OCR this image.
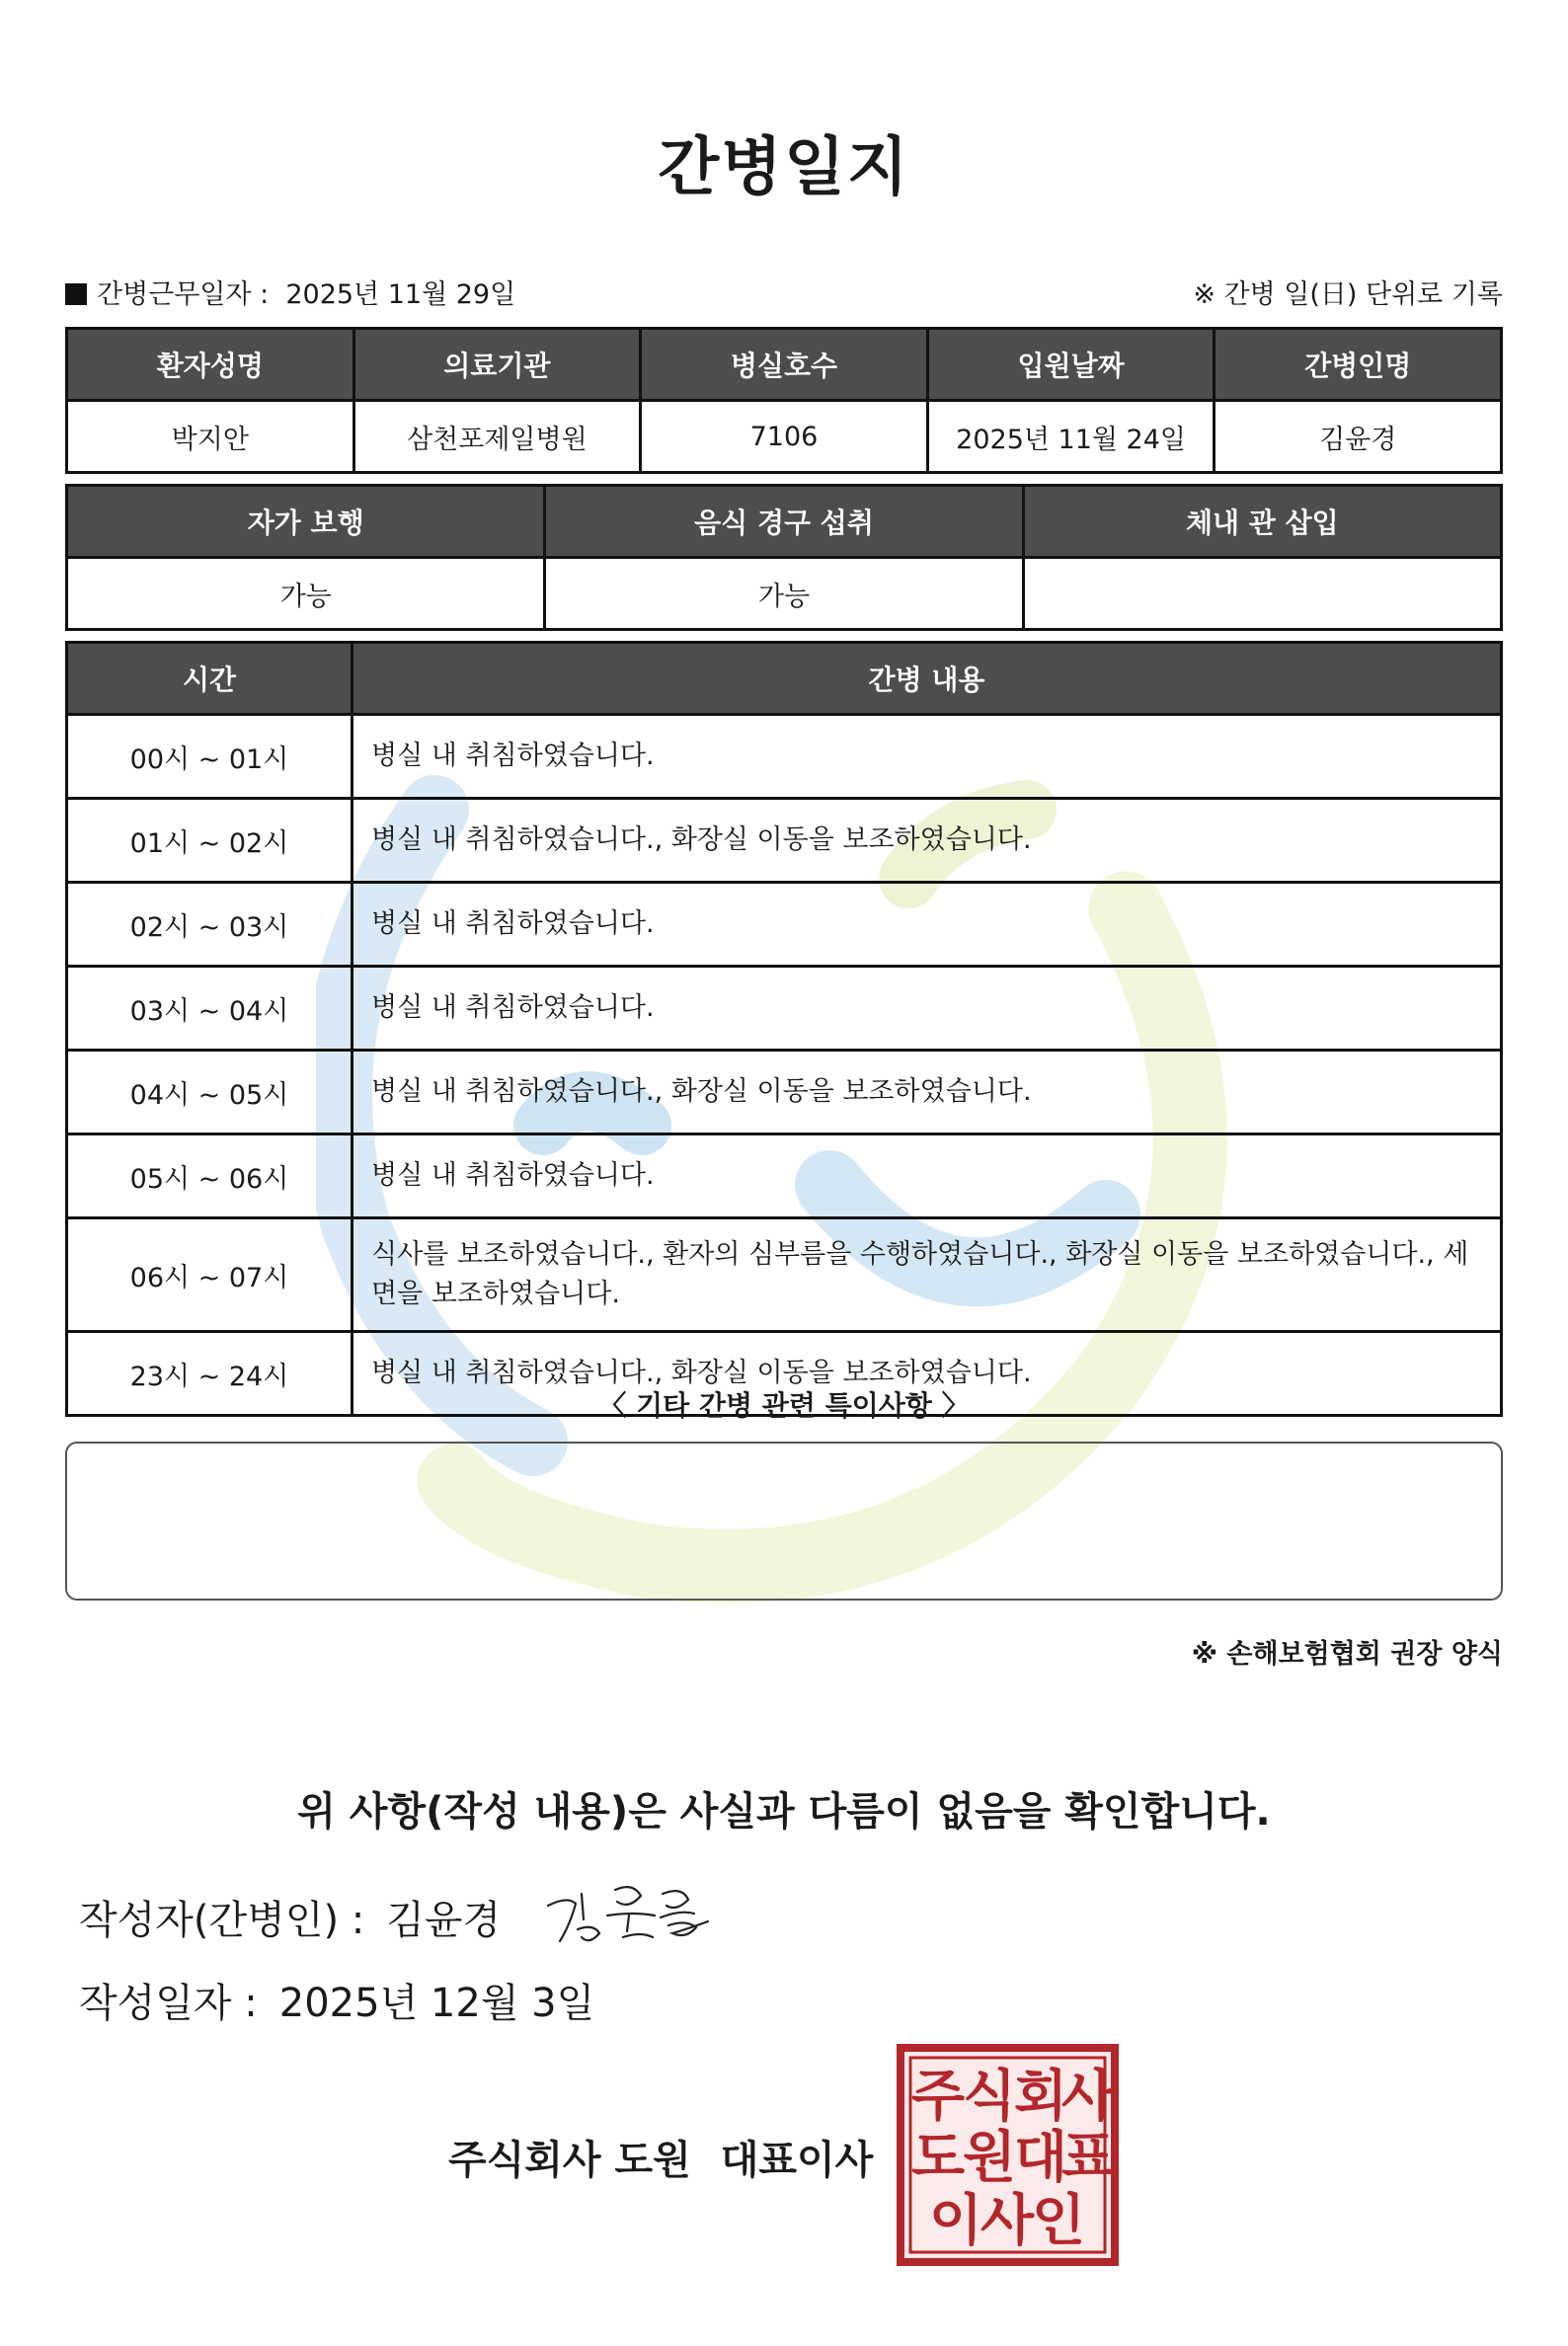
간병일지
간병근무일자 : 2025년 11월 29일	※ 간병 일(日) 단위로 기록
환자성명	의료기관	병실호수	입원날짜	간병인명
박지안	삼천포제일병원	7106	2025년 11월 24일	김윤경
자가 보행	음식 경구 섭취	체내 관 삽입
가능	가능	
시간	간병 내용
00시 ~ 01시	병실 내 취침하였습니다.
01시 ~ 02시	병실 내 취침하였습니다., 화장실 이동을 보조하였습니다.
02시 ~ 03시	병실 내 취침하였습니다.
03시 ~ 04시	병실 내 취침하였습니다.
04시 ~ 05시	병실 내 취침하였습니다., 화장실 이동을 보조하였습니다.
05시 ~ 06시	병실 내 취침하였습니다.
06시 ~ 07시	식사를 보조하였습니다., 환자의 심부름을 수행하였습니다., 화장실 이동을 보조하였습니다., 세면을 보조하였습니다.
23시 ~ 24시	병실 내 취침하였습니다., 화장실 이동을 보조하였습니다.
〈 기타 간병 관련 특이사항 〉
※ 손해보험협회 권장 양식
위 사항(작성 내용)은 사실과 다름이 없음을 확인합니다.
작성자(간병인) : 김윤경
작성일자 : 2025년 12월 3일
주식회사 도원 대표이사
주
식
회
사
도
원
대
표
이
사
인
